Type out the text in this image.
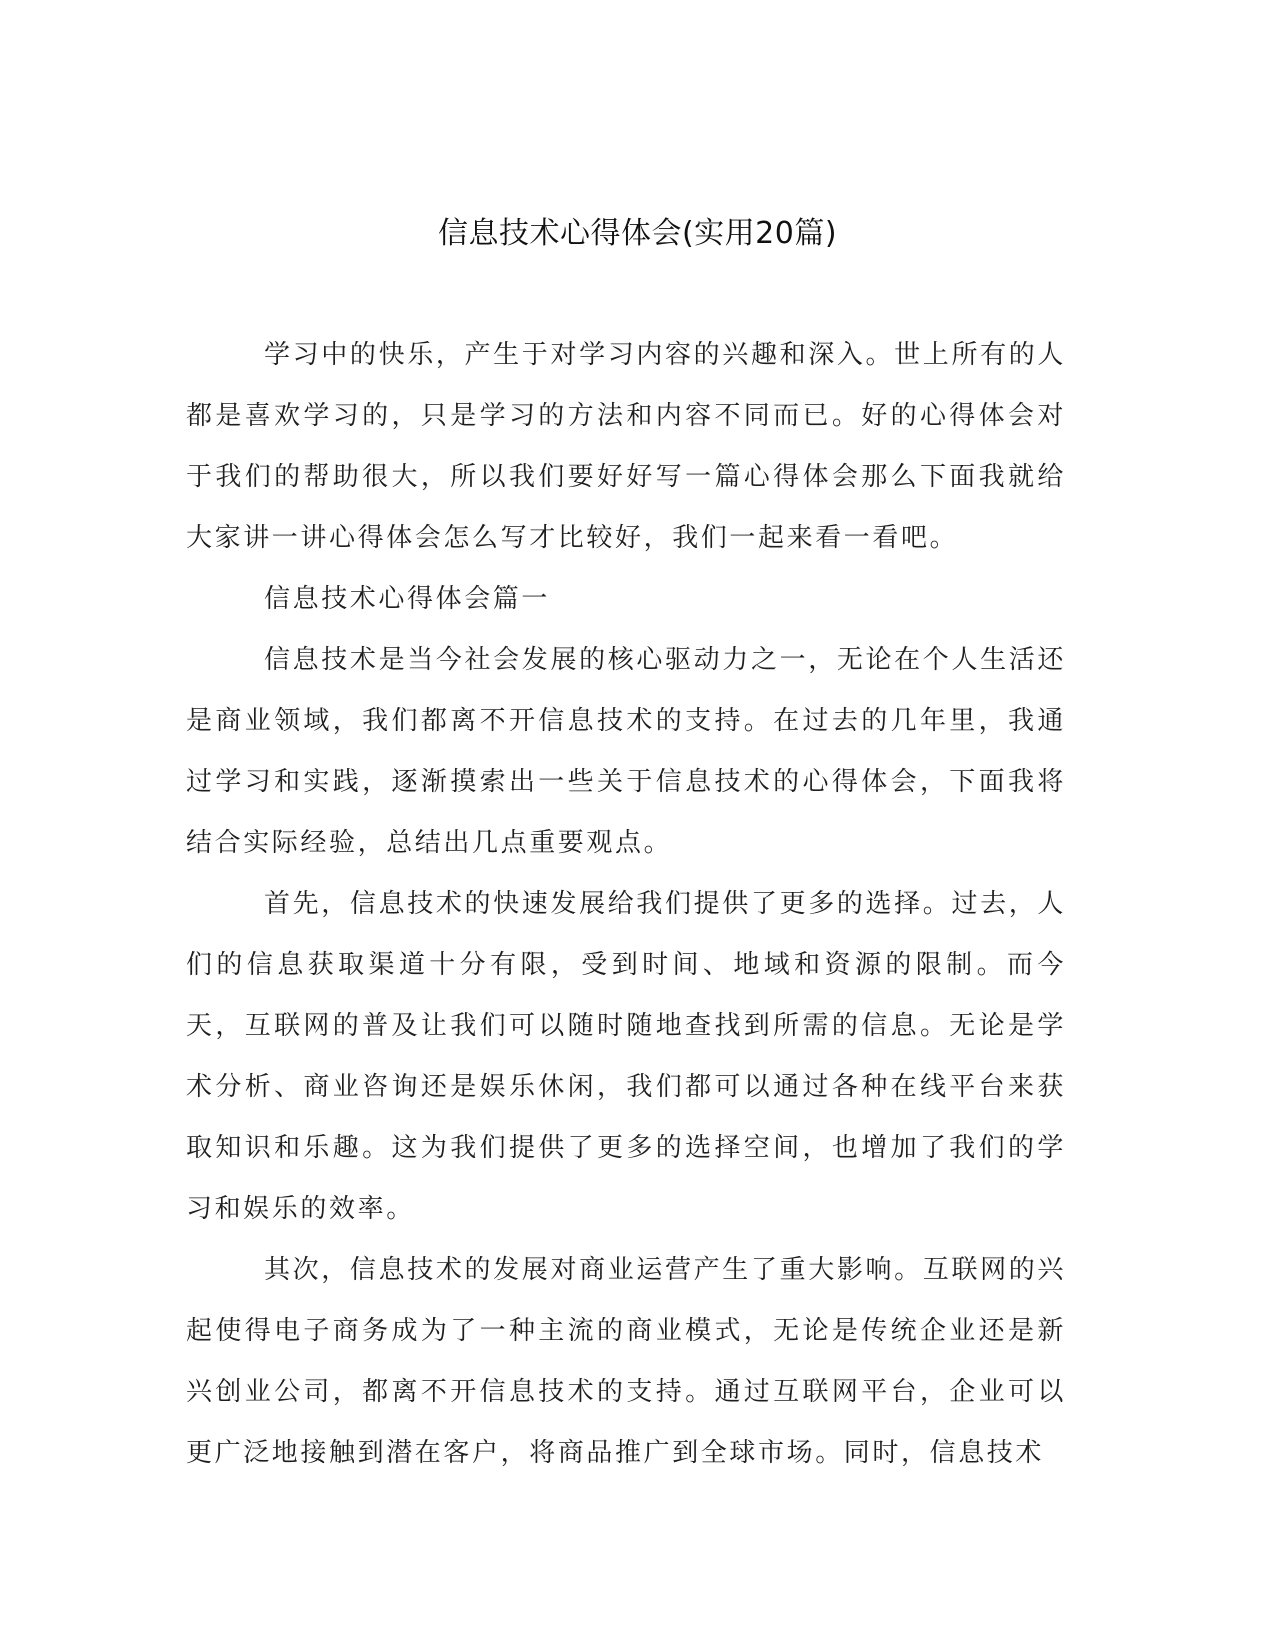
信息技术心得体会(实用20篇)

学习中的快乐，产生于对学习内容的兴趣和深入。世上所有的人都是喜欢学习的，只是学习的方法和内容不同而已。好的心得体会对于我们的帮助很大，所以我们要好好写一篇心得体会那么下面我就给大家讲一讲心得体会怎么写才比较好，我们一起来看一看吧。

信息技术心得体会篇一

信息技术是当今社会发展的核心驱动力之一，无论在个人生活还是商业领域，我们都离不开信息技术的支持。在过去的几年里，我通过学习和实践，逐渐摸索出一些关于信息技术的心得体会，下面我将结合实际经验，总结出几点重要观点。

首先，信息技术的快速发展给我们提供了更多的选择。过去，人们的信息获取渠道十分有限，受到时间、地域和资源的限制。而今天，互联网的普及让我们可以随时随地查找到所需的信息。无论是学术分析、商业咨询还是娱乐休闲，我们都可以通过各种在线平台来获取知识和乐趣。这为我们提供了更多的选择空间，也增加了我们的学习和娱乐的效率。

其次，信息技术的发展对商业运营产生了重大影响。互联网的兴起使得电子商务成为了一种主流的商业模式，无论是传统企业还是新兴创业公司，都离不开信息技术的支持。通过互联网平台，企业可以更广泛地接触到潜在客户，将商品推广到全球市场。同时，信息技术
